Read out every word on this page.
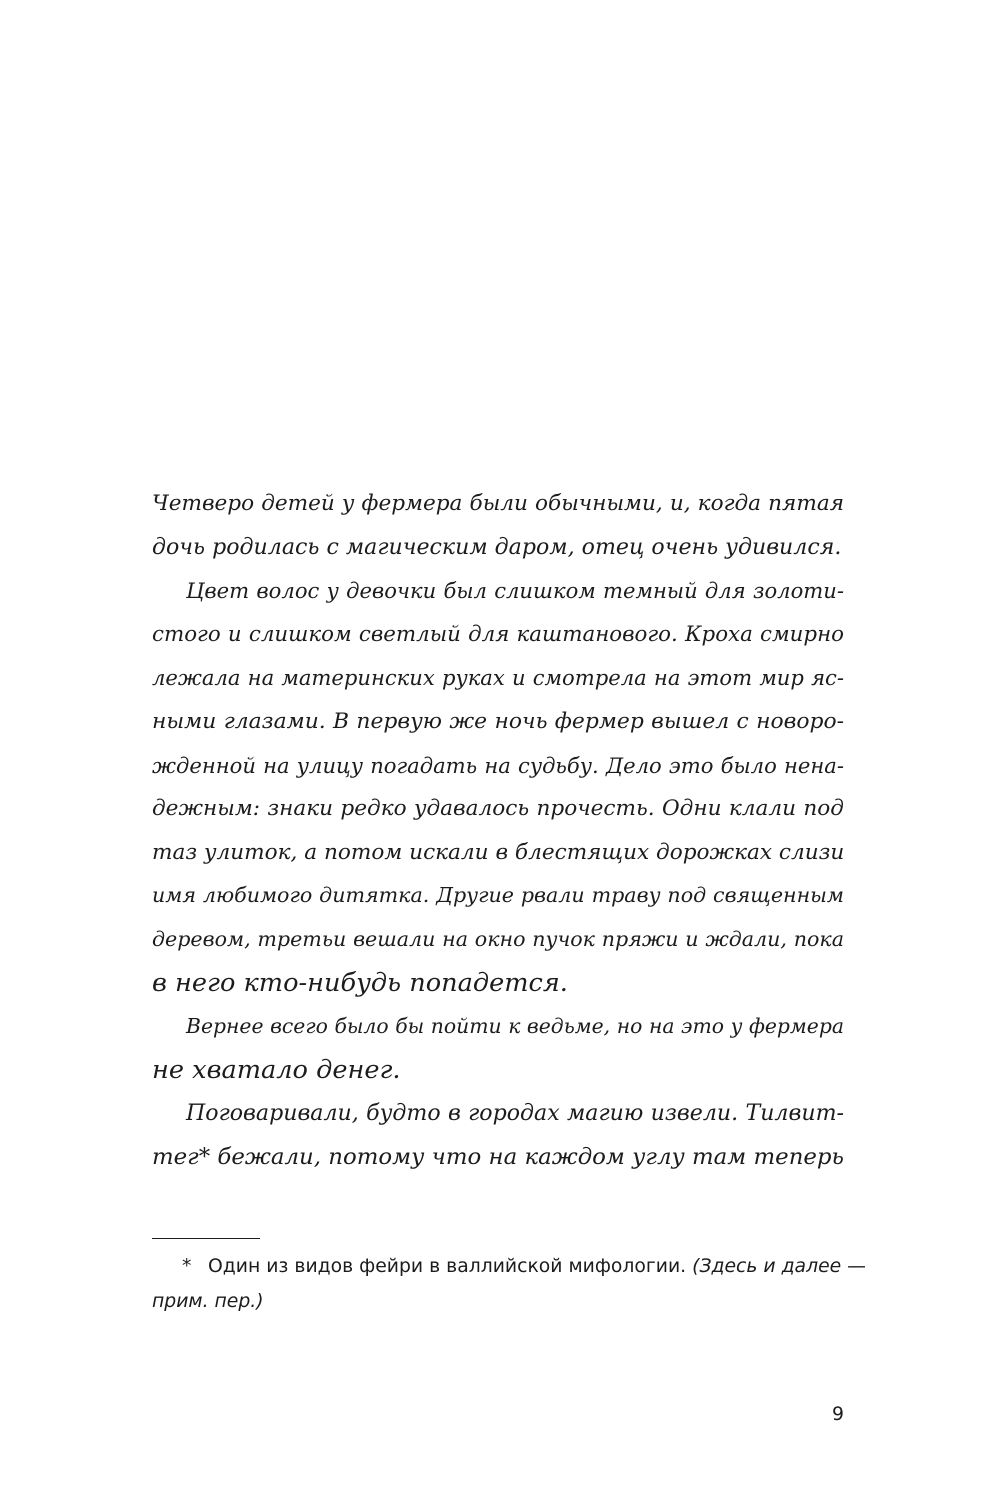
Четверо детей у фермера были обычными, и, когда пятая
дочь родилась с магическим даром, отец очень удивился.
Цвет волос у девочки был слишком темный для золоти-
стого и слишком светлый для каштанового. Кроха смирно
лежала на материнских руках и смотрела на этот мир яс-
ными глазами. В первую же ночь фермер вышел с новоро-
жденной на улицу погадать на судьбу. Дело это было нена-
дежным: знаки редко удавалось прочесть. Одни клали под
таз улиток, а потом искали в блестящих дорожках слизи
имя любимого дитятка. Другие рвали траву под священным
деревом, третьи вешали на окно пучок пряжи и ждали, пока
в него кто-нибудь попадется.
Вернее всего было бы пойти к ведьме, но на это у фермера
не хватало денег.
Поговаривали, будто в городах магию извели. Тилвит-
тег* бежали, потому что на каждом углу там теперь
* Один из видов фейри в валлийской мифологии. (Здесь и далее —
прим. пер.)
9
